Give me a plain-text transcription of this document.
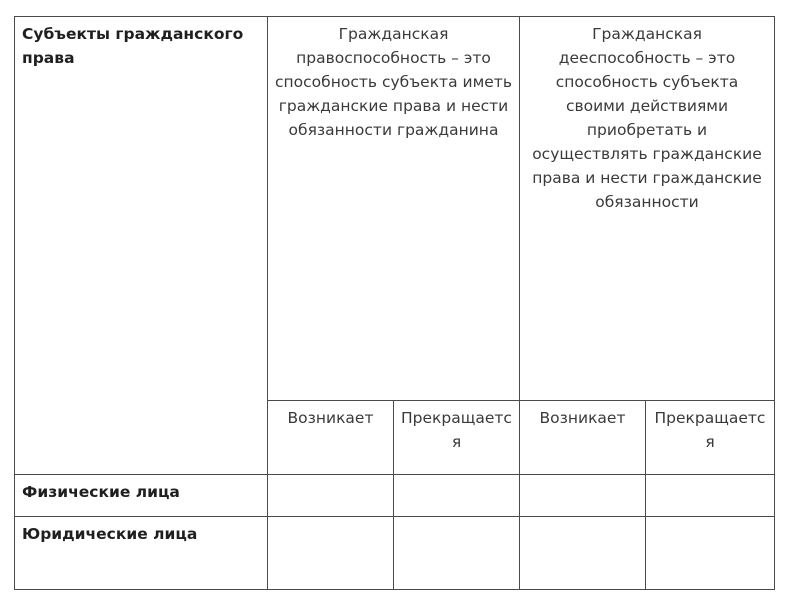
Субъекты гражданского права	Гражданская правоспособность – это способность субъекта иметь гражданские права и нести обязанности гражданина		Гражданская дееспособность – это способность субъекта своими действиями приобретать и осуществлять гражданские права и нести гражданские обязанности	
	Возникает	Прекращается	Возникает	Прекращается
Физические лица				
Юридические лица				
